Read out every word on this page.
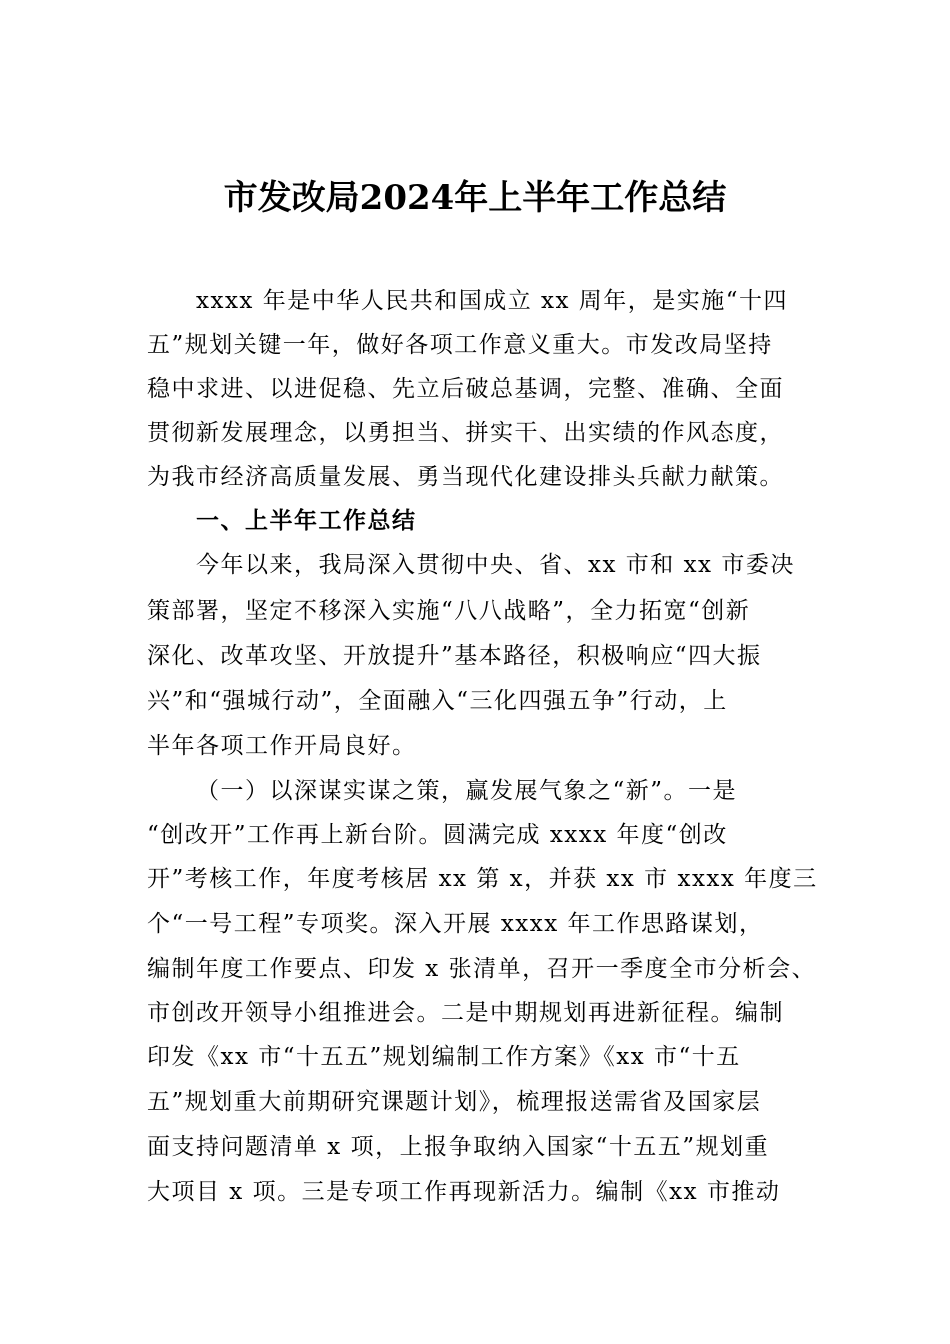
市发改局2024年上半年工作总结
xxxx 年是中华人民共和国成立 xx 周年，是实施“十四
五”规划关键一年，做好各项工作意义重大。市发改局坚持
稳中求进、以进促稳、先立后破总基调，完整、准确、全面
贯彻新发展理念，以勇担当、拼实干、出实绩的作风态度，
为我市经济高质量发展、勇当现代化建设排头兵献力献策。
一、上半年工作总结
今年以来，我局深入贯彻中央、省、xx 市和 xx 市委决
策部署，坚定不移深入实施“八八战略”，全力拓宽“创新
深化、改革攻坚、开放提升”基本路径，积极响应“四大振
兴”和“强城行动”，全面融入“三化四强五争”行动，上
半年各项工作开局良好。
（一）以深谋实谋之策，赢发展气象之“新”。一是
“创改开”工作再上新台阶。圆满完成 xxxx 年度“创改
开”考核工作，年度考核居 xx 第 x，并获 xx 市 xxxx 年度三
个“一号工程”专项奖。深入开展 xxxx 年工作思路谋划，
编制年度工作要点、印发 x 张清单，召开一季度全市分析会、
市创改开领导小组推进会。二是中期规划再进新征程。编制
印发《xx 市“十五五”规划编制工作方案》《xx 市“十五
五”规划重大前期研究课题计划》，梳理报送需省及国家层
面支持问题清单 x 项，上报争取纳入国家“十五五”规划重
大项目 x 项。三是专项工作再现新活力。编制《xx 市推动
